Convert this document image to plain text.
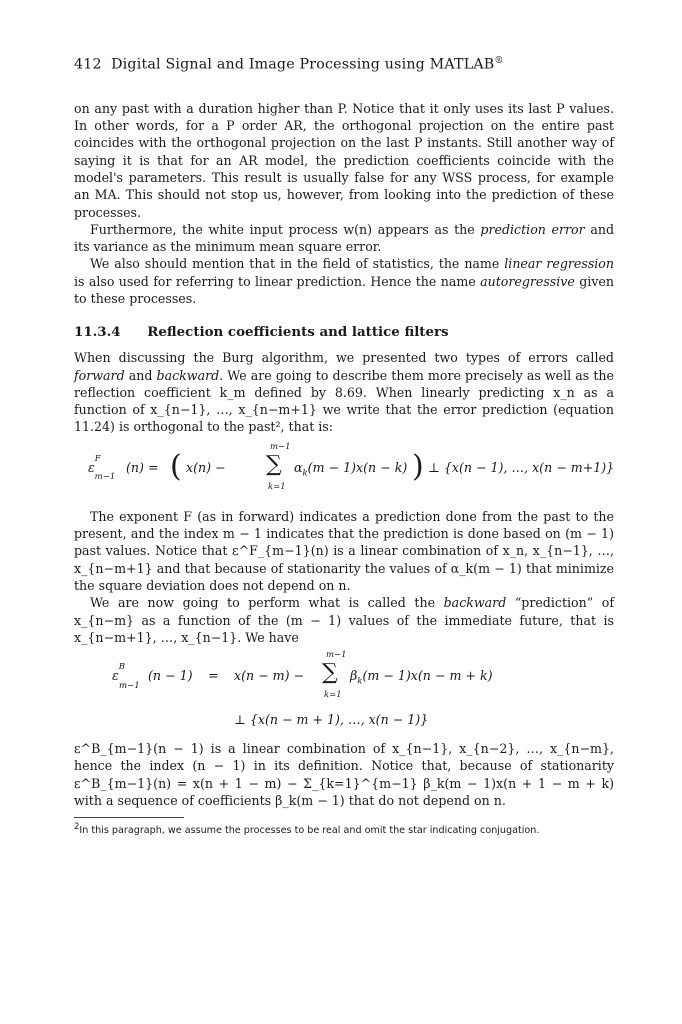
412 Digital Signal and Image Processing using MATLAB®

on any past with a duration higher than P. Notice that it only uses its last P values. In other words, for a P order AR, the orthogonal projection on the entire past coincides with the orthogonal projection on the last P instants. Still another way of saying it is that for an AR model, the prediction coefficients coincide with the model's parameters. This result is usually false for any WSS process, for example an MA. This should not stop us, however, from looking into the prediction of these processes.

Furthermore, the white input process w(n) appears as the prediction error and its variance as the minimum mean square error.

We also should mention that in the field of statistics, the name linear regression is also used for referring to linear prediction. Hence the name autoregressive given to these processes.

11.3.4 Reflection coefficients and lattice filters

When discussing the Burg algorithm, we presented two types of errors called forward and backward. We are going to describe them more precisely as well as the reflection coefficient k_m defined by 8.69. When linearly predicting x_n as a function of x_{n−1}, …, x_{n−m+1} we write that the error prediction (equation 11.24) is orthogonal to the past², that is:

$\varepsilon^F_{m-1}$
(n) = ( x(n) −
m−1
∑
k=1
$\alpha_k(m - 1)x(n - k)$ ) ⊥ {x(n − 1), …, x(n − m+1)}

The exponent F (as in forward) indicates a prediction done from the past to the present, and the index m − 1 indicates that the prediction is done based on (m − 1) past values. Notice that ε^F_{m−1}(n) is a linear combination of x_n, x_{n−1}, …, x_{n−m+1} and that because of stationarity the values of α_k(m − 1) that minimize the square deviation does not depend on n.

We are now going to perform what is called the backward “prediction” of x_{n−m} as a function of the (m − 1) values of the immediate future, that is x_{n−m+1}, …, x_{n−1}. We have

$\varepsilon^B_{m-1}$
(n − 1) = x(n − m) −
m−1
∑
k=1
$\beta_k(m - 1)x(n - m + k)$
⊥ {x(n − m + 1), …, x(n − 1)}

ε^B_{m−1}(n − 1) is a linear combination of x_{n−1}, x_{n−2}, …, x_{n−m}, hence the index (n − 1) in its definition. Notice that, because of stationarity ε^B_{m−1}(n) = x(n + 1 − m) − Σ_{k=1}^{m−1} β_k(m − 1)x(n + 1 − m + k) with a sequence of coefficients β_k(m − 1) that do not depend on n.

$^2$In this paragraph, we assume the processes to be real and omit the star indicating conjugation.
